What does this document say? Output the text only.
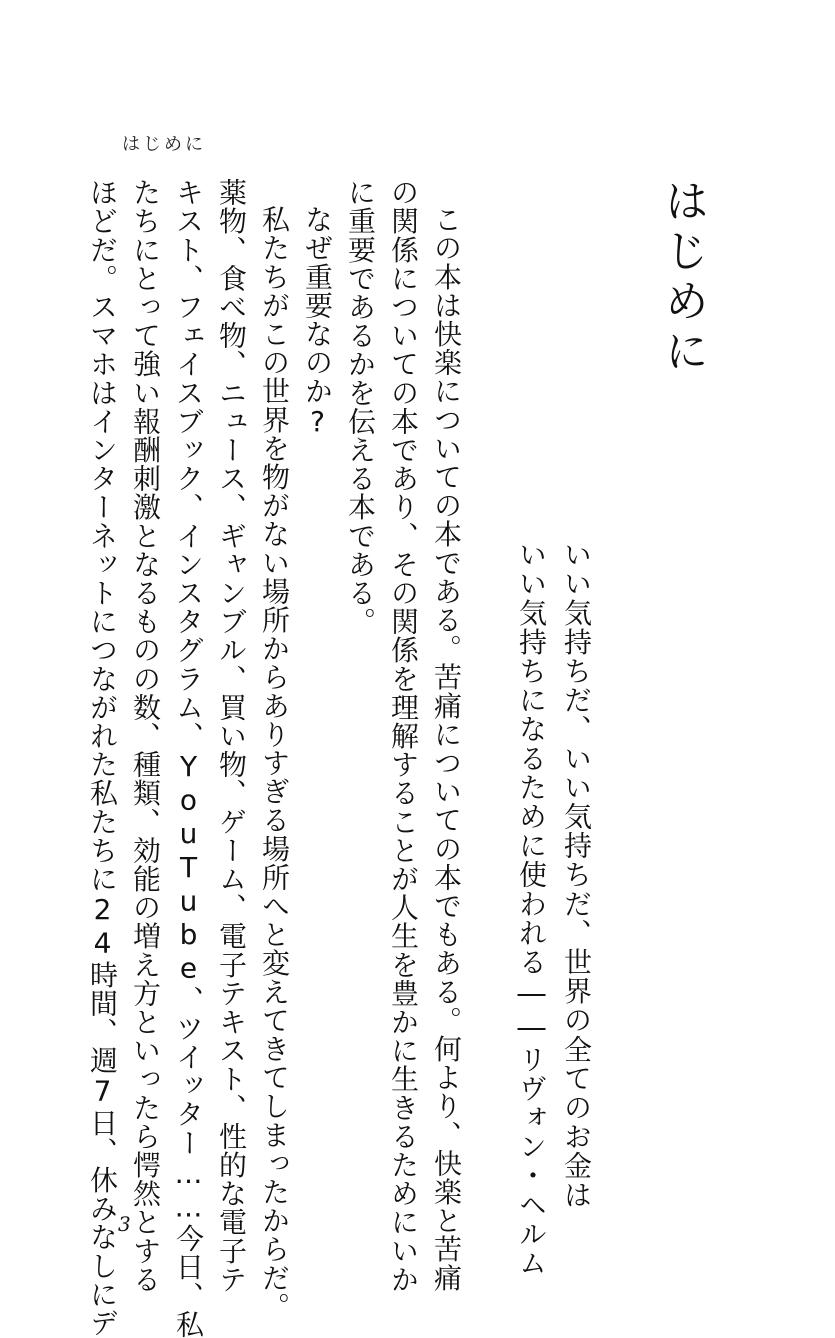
はじめに
はじめに
いい気持ちだ、いい気持ちだ、世界の全てのお金は
いい気持ちになるために使われる――リヴォン・ヘルム
この本は快楽についての本である。苦痛についての本でもある。何より、快楽と苦痛
の関係についての本であり、その関係を理解することが人生を豊かに生きるためにいか
に重要であるかを伝える本である。
なぜ重要なのか?
私たちがこの世界を物がない場所からありすぎる場所へと変えてきてしまったからだ。
薬物、食べ物、ニュース、ギャンブル、買い物、ゲーム、電子テキスト、性的な電子テ
キスト、フェイスブック、インスタグラム、YouTube、ツイッター……今日、私
たちにとって強い報酬刺激となるものの数、種類、効能の増え方といったら愕然とする
ほどだ。スマホはインターネットにつながれた私たちに24時間、週7日、休みなしにデ 3
